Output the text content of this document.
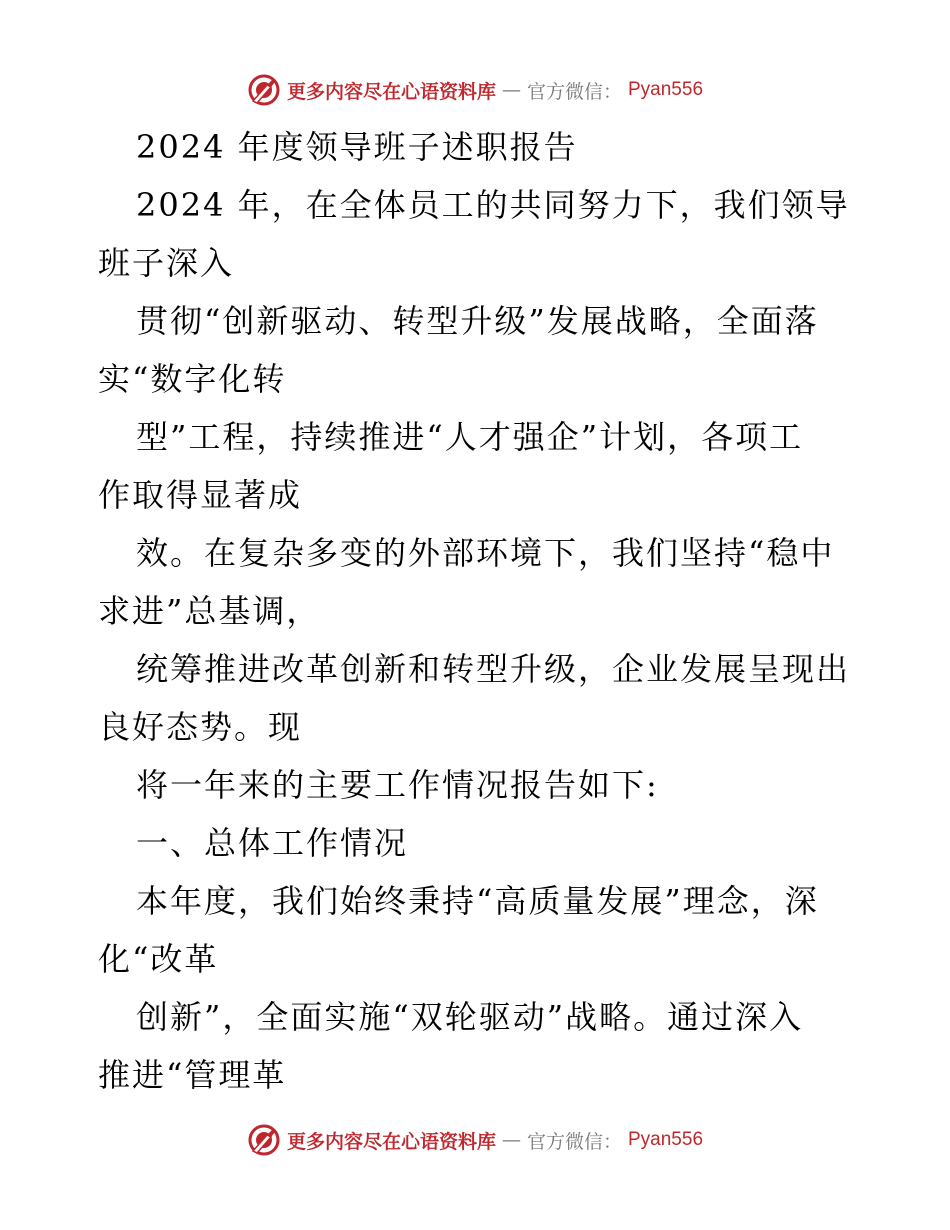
更多内容尽在心语资料库 — 官方微信： Pyan556
2024 年度领导班子述职报告
2024 年，在全体员工的共同努力下，我们领导
班子深入
贯彻“创新驱动、转型升级”发展战略，全面落
实“数字化转
型”工程，持续推进“人才强企”计划，各项工
作取得显著成
效。在复杂多变的外部环境下，我们坚持“稳中
求进”总基调，
统筹推进改革创新和转型升级，企业发展呈现出
良好态势。现
将一年来的主要工作情况报告如下:
一、总体工作情况
本年度，我们始终秉持“高质量发展”理念，深
化“改革
创新”，全面实施“双轮驱动”战略。通过深入
推进“管理革
更多内容尽在心语资料库 — 官方微信： Pyan556
